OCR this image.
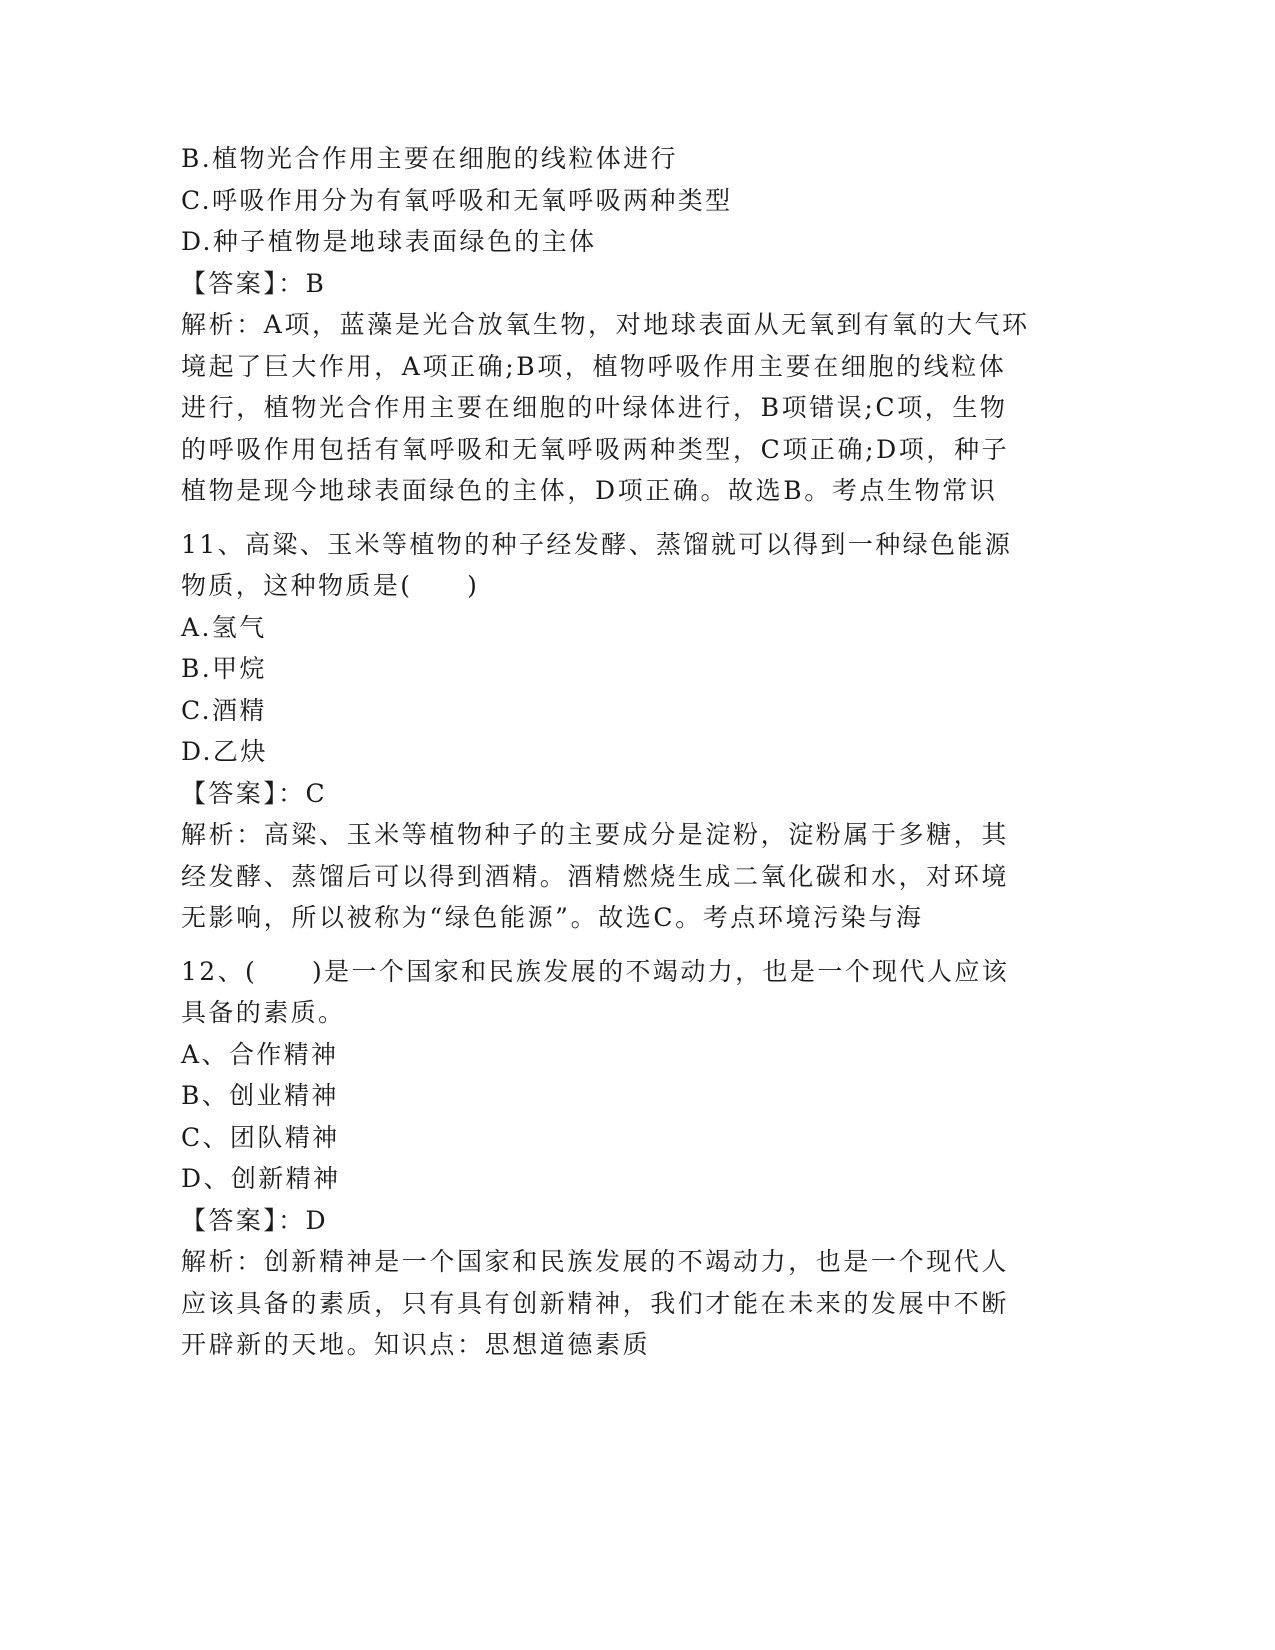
B.植物光合作用主要在细胞的线粒体进行

C.呼吸作用分为有氧呼吸和无氧呼吸两种类型

D.种子植物是地球表面绿色的主体

【答案】：B

解析：A项，蓝藻是光合放氧生物，对地球表面从无氧到有氧的大气环

境起了巨大作用，A项正确;B项，植物呼吸作用主要在细胞的线粒体

进行，植物光合作用主要在细胞的叶绿体进行，B项错误;C项，生物

的呼吸作用包括有氧呼吸和无氧呼吸两种类型，C项正确;D项，种子

植物是现今地球表面绿色的主体，D项正确。故选B。考点生物常识

11、高粱、玉米等植物的种子经发酵、蒸馏就可以得到一种绿色能源

物质，这种物质是(　　)

A.氢气

B.甲烷

C.酒精

D.乙炔

【答案】：C

解析：高粱、玉米等植物种子的主要成分是淀粉，淀粉属于多糖，其

经发酵、蒸馏后可以得到酒精。酒精燃烧生成二氧化碳和水，对环境

无影响，所以被称为“绿色能源”。故选C。考点环境污染与海

12、(　　)是一个国家和民族发展的不竭动力，也是一个现代人应该

具备的素质。

A、合作精神

B、创业精神

C、团队精神

D、创新精神

【答案】：D

解析：创新精神是一个国家和民族发展的不竭动力，也是一个现代人

应该具备的素质，只有具有创新精神，我们才能在未来的发展中不断

开辟新的天地。知识点：思想道德素质
